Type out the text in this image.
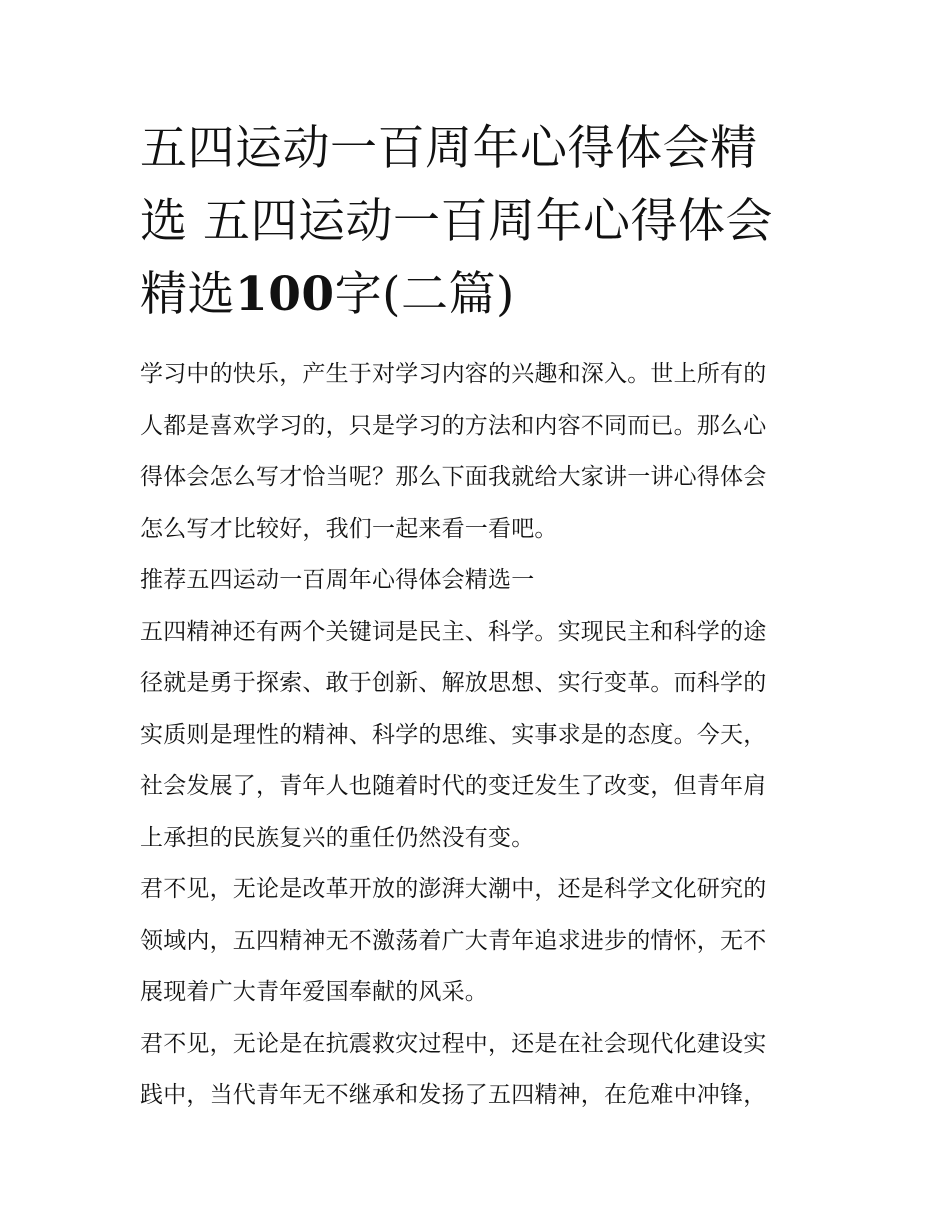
五四运动一百周年心得体会精
选 五四运动一百周年心得体会
精选100字(二篇)

学习中的快乐，产生于对学习内容的兴趣和深入。世上所有的
人都是喜欢学习的，只是学习的方法和内容不同而已。那么心
得体会怎么写才恰当呢？那么下面我就给大家讲一讲心得体会
怎么写才比较好，我们一起来看一看吧。

推荐五四运动一百周年心得体会精选一

五四精神还有两个关键词是民主、科学。实现民主和科学的途
径就是勇于探索、敢于创新、解放思想、实行变革。而科学的
实质则是理性的精神、科学的思维、实事求是的态度。今天，
社会发展了，青年人也随着时代的变迁发生了改变，但青年肩
上承担的民族复兴的重任仍然没有变。

君不见，无论是改革开放的澎湃大潮中，还是科学文化研究的
领域内，五四精神无不激荡着广大青年追求进步的情怀，无不
展现着广大青年爱国奉献的风采。

君不见，无论是在抗震救灾过程中，还是在社会现代化建设实
践中，当代青年无不继承和发扬了五四精神，在危难中冲锋，
